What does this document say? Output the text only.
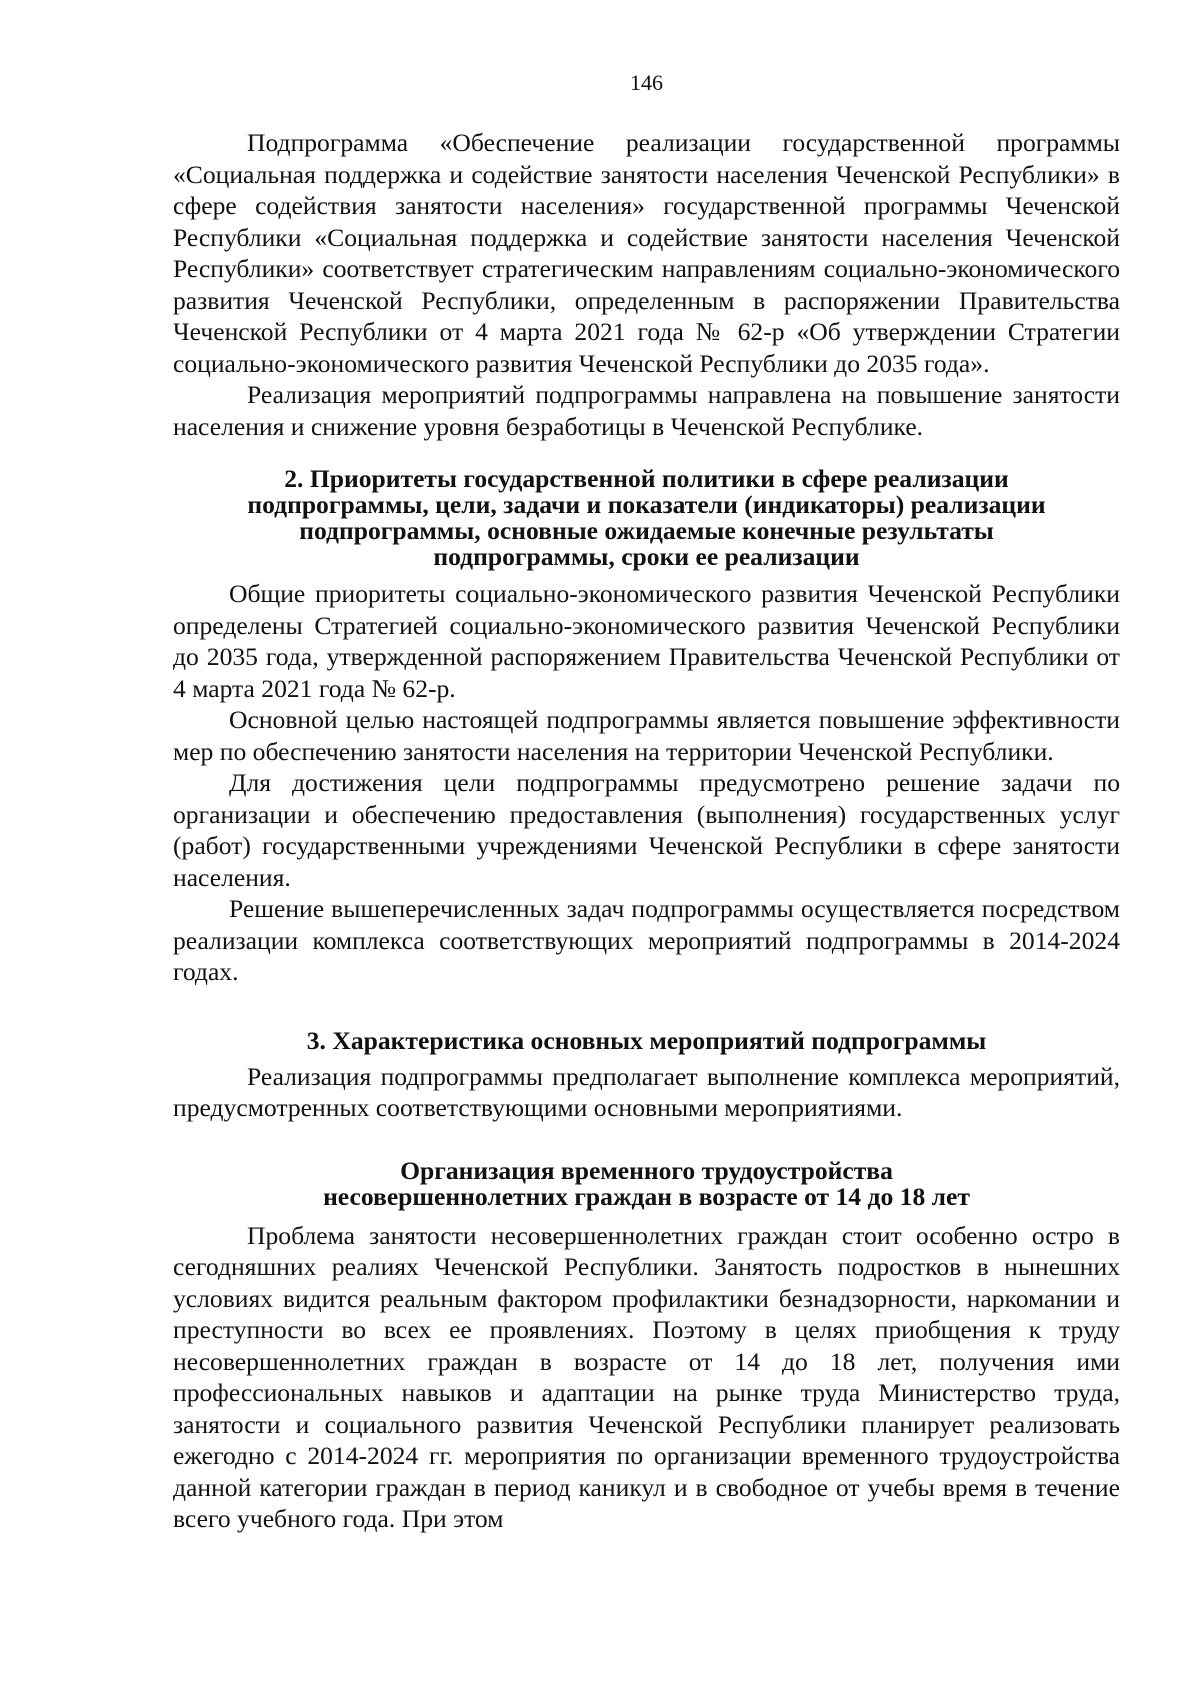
146

Подпрограмма «Обеспечение реализации государственной программы «Социальная поддержка и содействие занятости населения Чеченской Республики» в сфере содействия занятости населения» государственной программы Чеченской Республики «Социальная поддержка и содействие занятости населения Чеченской Республики» соответствует стратегическим направлениям социально-экономического развития Чеченской Республики, определенным в распоряжении Правительства Чеченской Республики от 4 марта 2021 года № 62-р «Об утверждении Стратегии социально-экономического развития Чеченской Республики до 2035 года».

Реализация мероприятий подпрограммы направлена на повышение занятости населения и снижение уровня безработицы в Чеченской Республике.

2. Приоритеты государственной политики в сфере реализации
подпрограммы, цели, задачи и показатели (индикаторы) реализации
подпрограммы, основные ожидаемые конечные результаты
подпрограммы, сроки ее реализации

Общие приоритеты социально-экономического развития Чеченской Республики определены Стратегией социально-экономического развития Чеченской Республики до 2035 года, утвержденной распоряжением Правительства Чеченской Республики от 4 марта 2021 года № 62-р.

Основной целью настоящей подпрограммы является повышение эффективности мер по обеспечению занятости населения на территории Чеченской Республики.

Для достижения цели подпрограммы предусмотрено решение задачи по организации и обеспечению предоставления (выполнения) государственных услуг (работ) государственными учреждениями Чеченской Республики в сфере занятости населения.

Решение вышеперечисленных задач подпрограммы осуществляется посредством реализации комплекса соответствующих мероприятий подпрограммы в 2014-2024 годах.

3. Характеристика основных мероприятий подпрограммы

Реализация подпрограммы предполагает выполнение комплекса мероприятий, предусмотренных соответствующими основными мероприятиями.

Организация временного трудоустройства
несовершеннолетних граждан в возрасте от 14 до 18 лет

Проблема занятости несовершеннолетних граждан стоит особенно остро в сегодняшних реалиях Чеченской Республики. Занятость подростков в нынешних условиях видится реальным фактором профилактики безнадзорности, наркомании и преступности во всех ее проявлениях. Поэтому в целях приобщения к труду несовершеннолетних граждан в возрасте от 14 до 18 лет, получения ими профессиональных навыков и адаптации на рынке труда Министерство труда, занятости и социального развития Чеченской Республики планирует реализовать ежегодно с 2014-2024 гг. мероприятия по организации временного трудоустройства данной категории граждан в период каникул и в свободное от учебы время в течение всего учебного года. При этом
